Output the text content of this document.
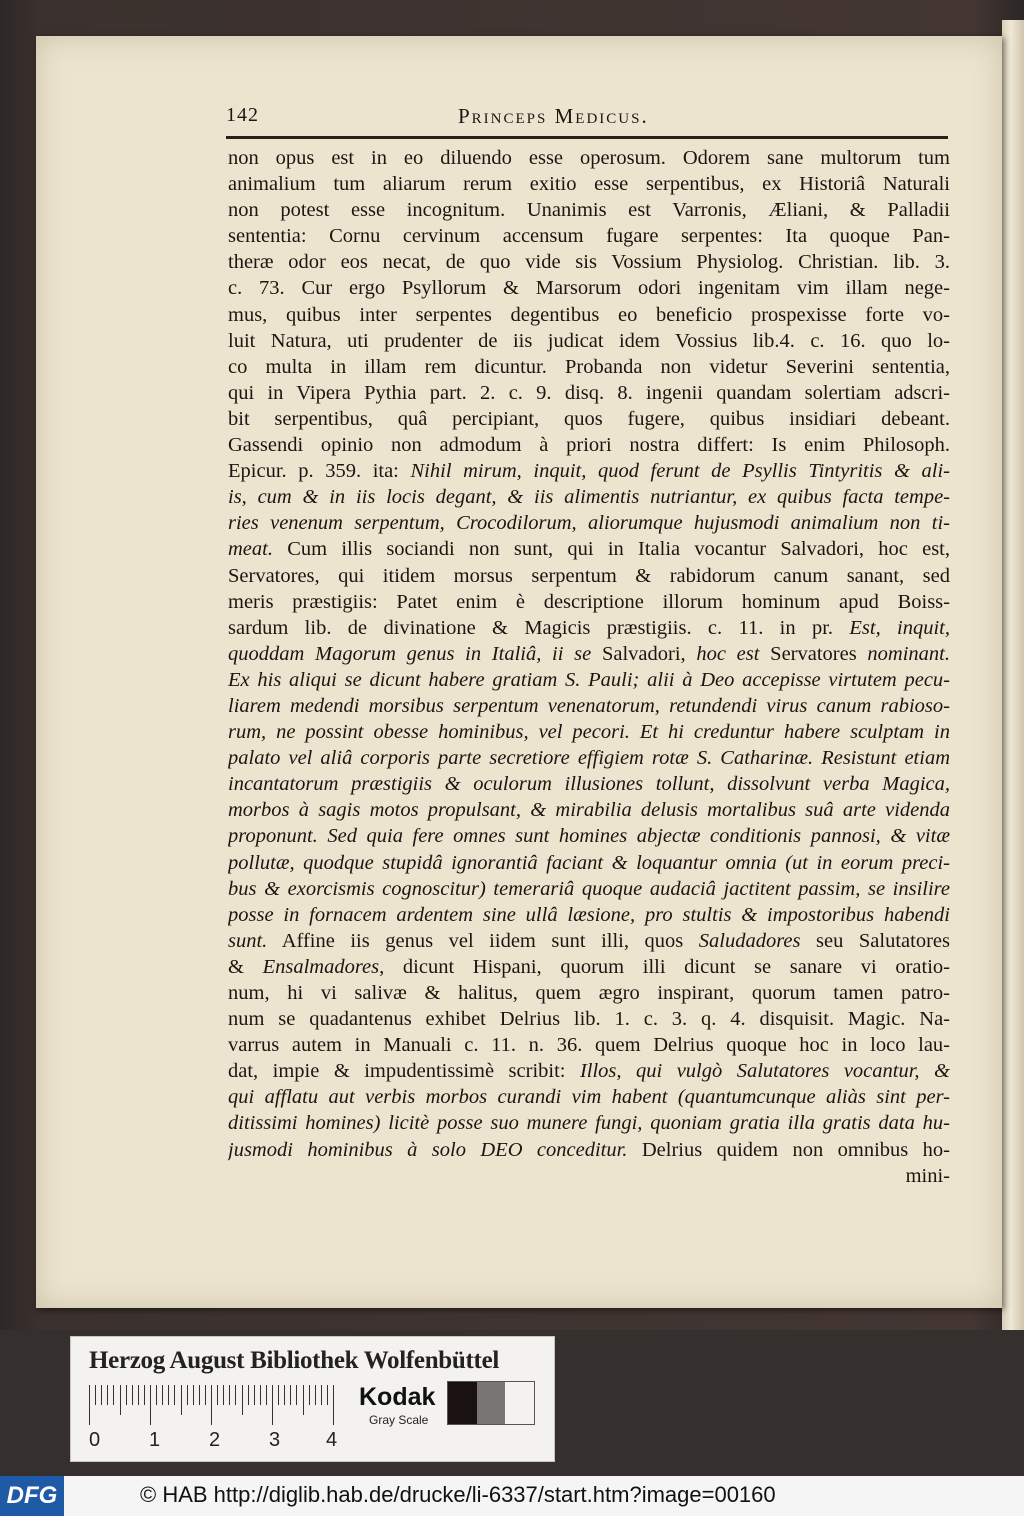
142	Princeps Medicus.
non opus est in eo diluendo esse operosum. Odorem sane multorum tum
animalium tum aliarum rerum exitio esse serpentibus, ex Historiâ Naturali
non potest esse incognitum. Unanimis est Varronis, Æliani, & Palladii
sententia: Cornu cervinum accensum fugare serpentes: Ita quoque Pan-
theræ odor eos necat, de quo vide sis Vossium Physiolog. Christian. lib. 3.
c. 73. Cur ergo Psyllorum & Marsorum odori ingenitam vim illam nege-
mus, quibus inter serpentes degentibus eo beneficio prospexisse forte vo-
luit Natura, uti prudenter de iis judicat idem Vossius lib.4. c. 16. quo lo-
co multa in illam rem dicuntur. Probanda non videtur Severini sententia,
qui in Vipera Pythia part. 2. c. 9. disq. 8. ingenii quandam solertiam adscri-
bit serpentibus, quâ percipiant, quos fugere, quibus insidiari debeant.
Gassendi opinio non admodum à priori nostra differt: Is enim Philosoph.
Epicur. p. 359. ita: Nihil mirum, inquit, quod ferunt de Psyllis Tintyritis & ali-
is, cum & in iis locis degant, & iis alimentis nutriantur, ex quibus facta tempe-
ries venenum serpentum, Crocodilorum, aliorumque hujusmodi animalium non ti-
meat. Cum illis sociandi non sunt, qui in Italia vocantur Salvadori, hoc est,
Servatores, qui itidem morsus serpentum & rabidorum canum sanant, sed
meris præstigiis: Patet enim è descriptione illorum hominum apud Boiss-
sardum lib. de divinatione & Magicis præstigiis. c. 11. in pr. Est, inquit,
quoddam Magorum genus in Italiâ, ii se Salvadori, hoc est Servatores nominant.
Ex his aliqui se dicunt habere gratiam S. Pauli; alii à Deo accepisse virtutem pecu-
liarem medendi morsibus serpentum venenatorum, retundendi virus canum rabioso-
rum, ne possint obesse hominibus, vel pecori. Et hi creduntur habere sculptam in
palato vel aliâ corporis parte secretiore effigiem rotæ S. Catharinæ. Resistunt etiam
incantatorum præstigiis & oculorum illusiones tollunt, dissolvunt verba Magica,
morbos à sagis motos propulsant, & mirabilia delusis mortalibus suâ arte videnda
proponunt. Sed quia fere omnes sunt homines abjectæ conditionis pannosi, & vitæ
pollutæ, quodque stupidâ ignorantiâ faciant & loquantur omnia (ut in eorum preci-
bus & exorcismis cognoscitur) temerariâ quoque audaciâ jactitent passim, se insilire
posse in fornacem ardentem sine ullâ læsione, pro stultis & impostoribus habendi
sunt. Affine iis genus vel iidem sunt illi, quos Saludadores seu Salutatores
& Ensalmadores, dicunt Hispani, quorum illi dicunt se sanare vi oratio-
num, hi vi salivæ & halitus, quem ægro inspirant, quorum tamen patro-
num se quadantenus exhibet Delrius lib. 1. c. 3. q. 4. disquisit. Magic. Na-
varrus autem in Manuali c. 11. n. 36. quem Delrius quoque hoc in loco lau-
dat, impie & impudentissimè scribit: Illos, qui vulgò Salutatores vocantur, &
qui afflatu aut verbis morbos curandi vim habent (quantumcunque aliàs sint per-
ditissimi homines) licitè posse suo munere fungi, quoniam gratia illa gratis data hu-
jusmodi hominibus à solo DEO conceditur. Delrius quidem non omnibus ho-
mini-
Herzog August Bibliothek Wolfenbüttel
0 1 2 3 4
Kodak
Gray Scale
DFG	© HAB http://diglib.hab.de/drucke/li-6337/start.htm?image=00160
